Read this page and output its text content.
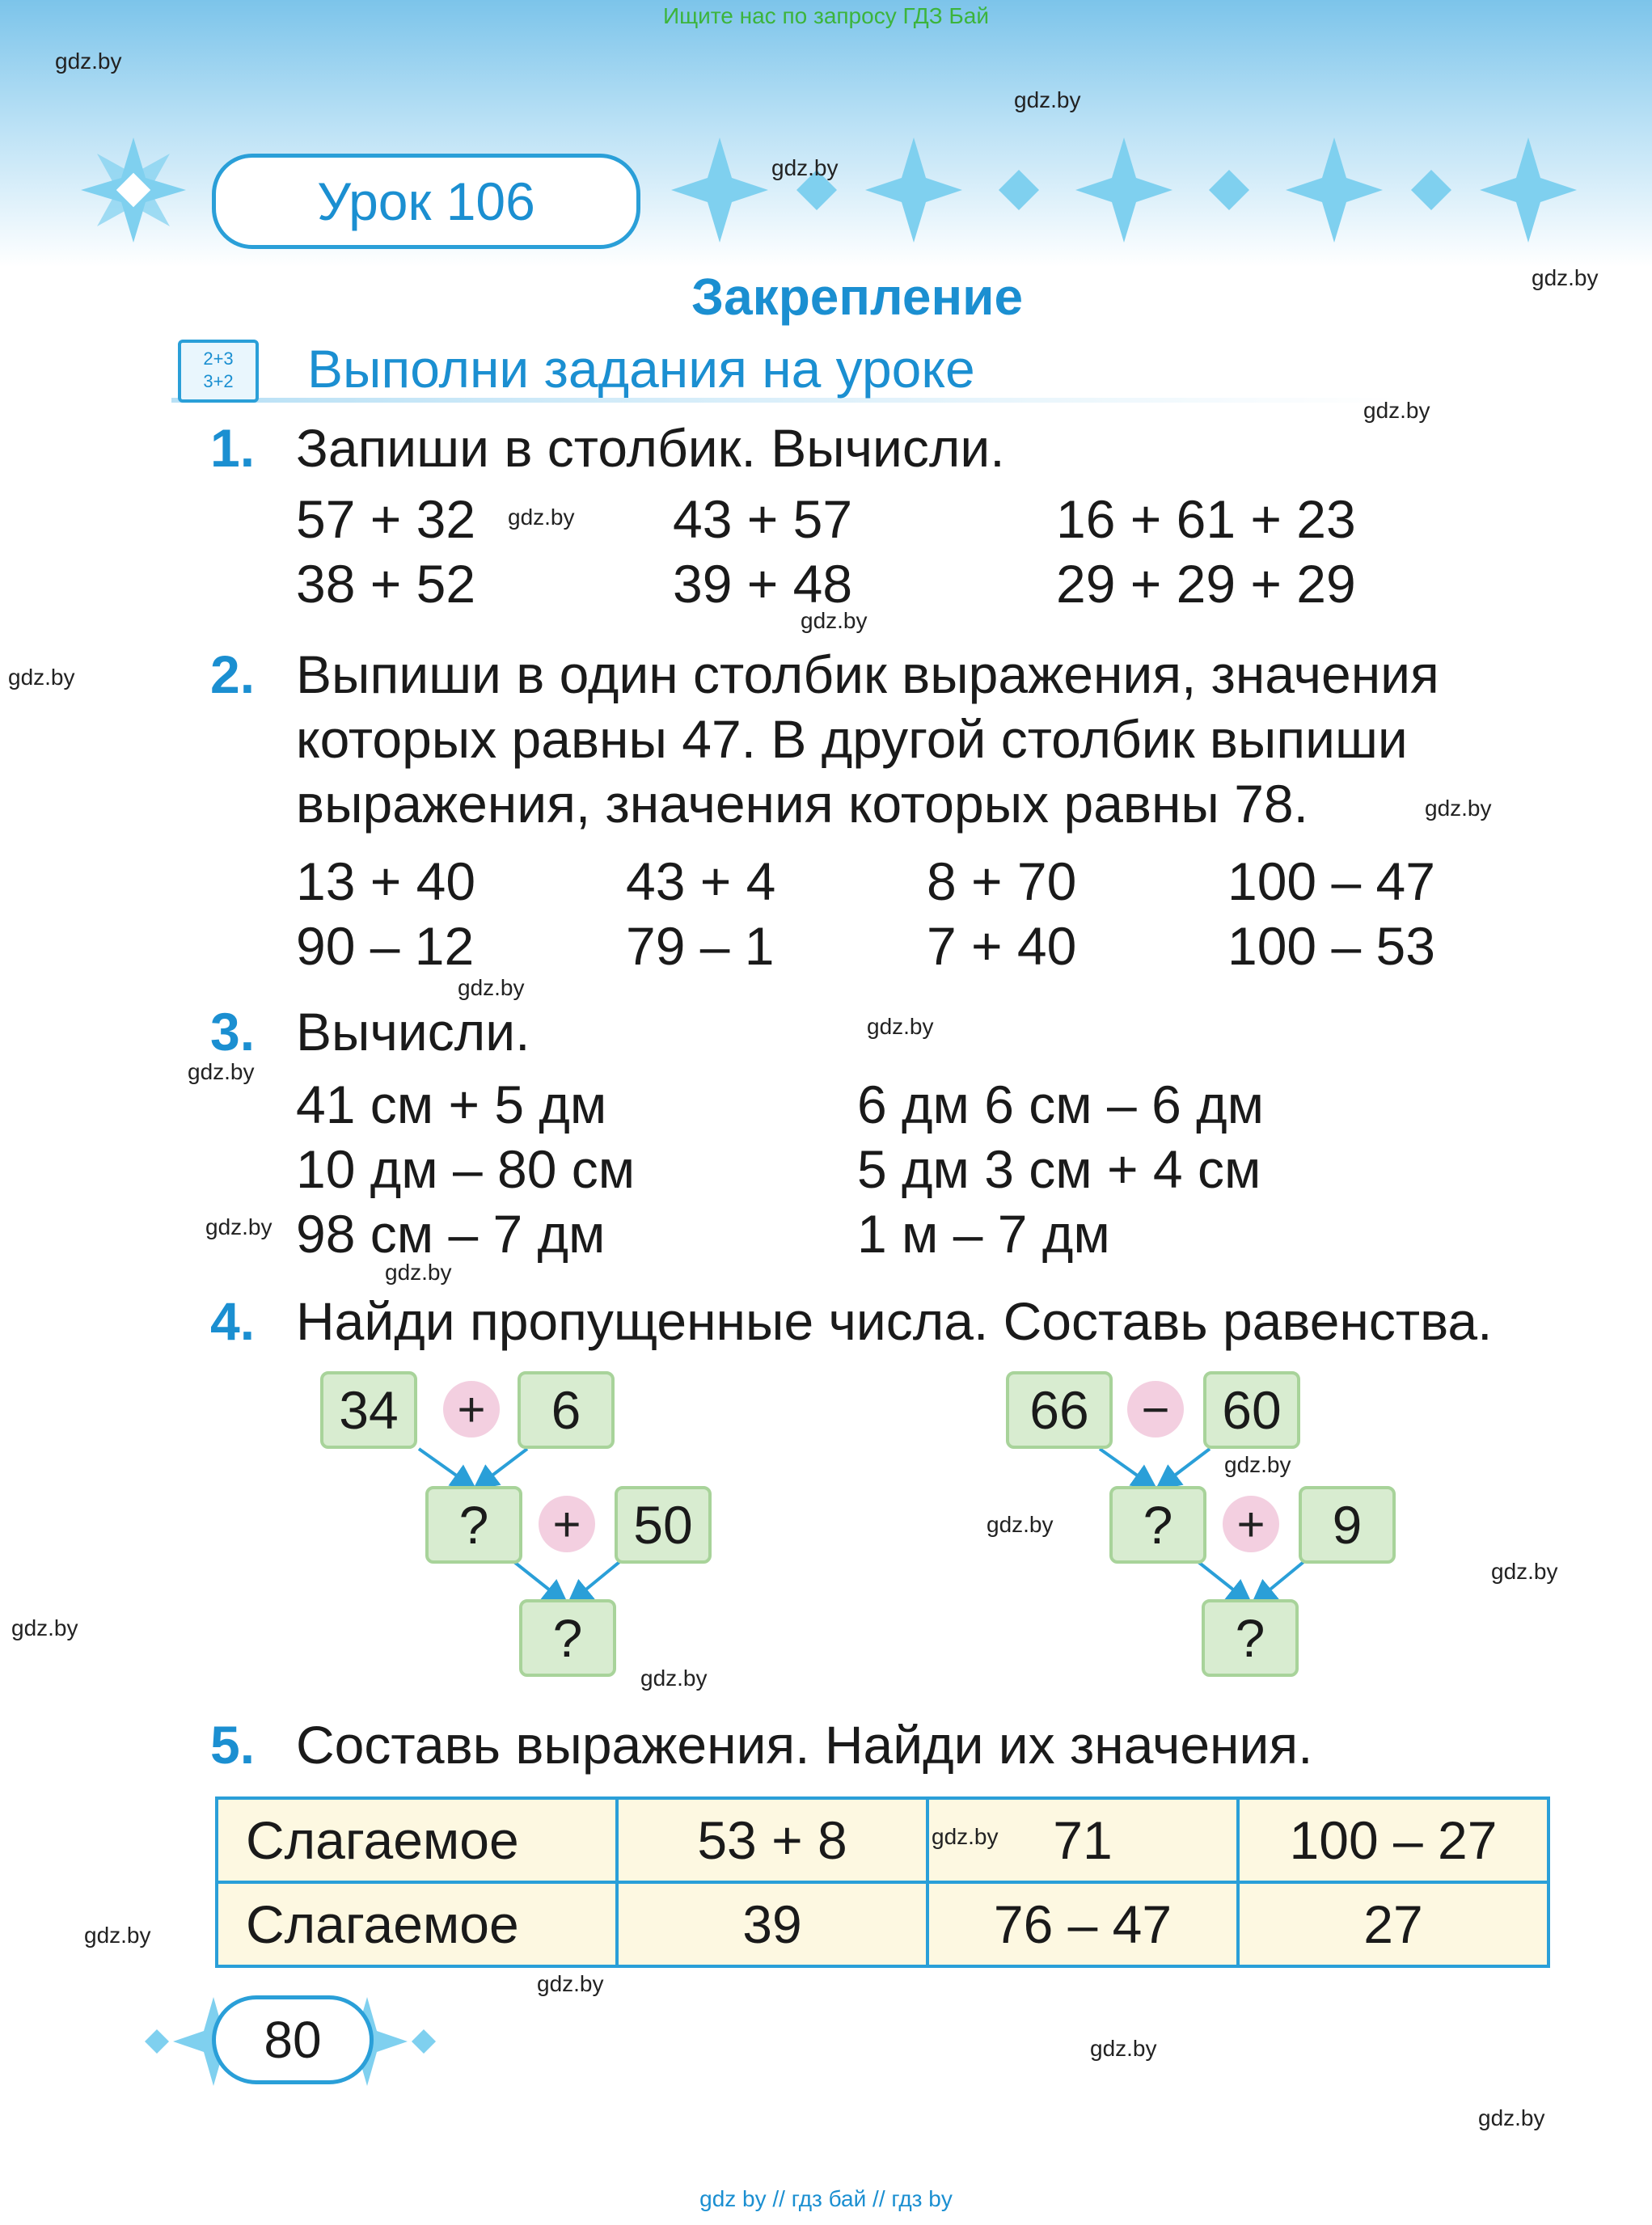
Ищите нас по запросу ГДЗ Бай
Урок 106
Закрепление
2+3
3+2	Выполни задания на уроке
1. Запиши в столбик. Вычисли.
57 + 32	43 + 57	16 + 61 + 23
38 + 52	39 + 48	29 + 29 + 29
2. Выпиши в один столбик выражения, значения
которых равны 47. В другой столбик выпиши
выражения, значения которых равны 78.
13 + 40	43 + 4	8 + 70	100 – 47
90 – 12	79 – 1	7 + 40	100 – 53
3. Вычисли.
41 см + 5 дм	6 дм 6 см – 6 дм
10 дм – 80 см	5 дм 3 см + 4 см
98 см – 7 дм	1 м – 7 дм
4. Найди пропущенные числа. Составь равенства.
34	+	6
?	+ 50
?
66	− 60
?	+	9
?
5. Составь выражения. Найди их значения.
Слагаемое	53 + 8	71	100 – 27
Слагаемое	39	76 – 47	27
80
gdz.by
gdz.by
gdz.by
gdz.by
gdz.by
gdz.by
gdz.by
gdz.by
gdz.by
gdz.by
gdz.by
gdz.by
gdz.by
gdz.by
gdz.by
gdz.by
gdz.by
gdz.by
gdz.by
gdz.by
gdz.by
gdz.by
gdz.by
gdz.by
gdz by // гдз бай // гдз by
